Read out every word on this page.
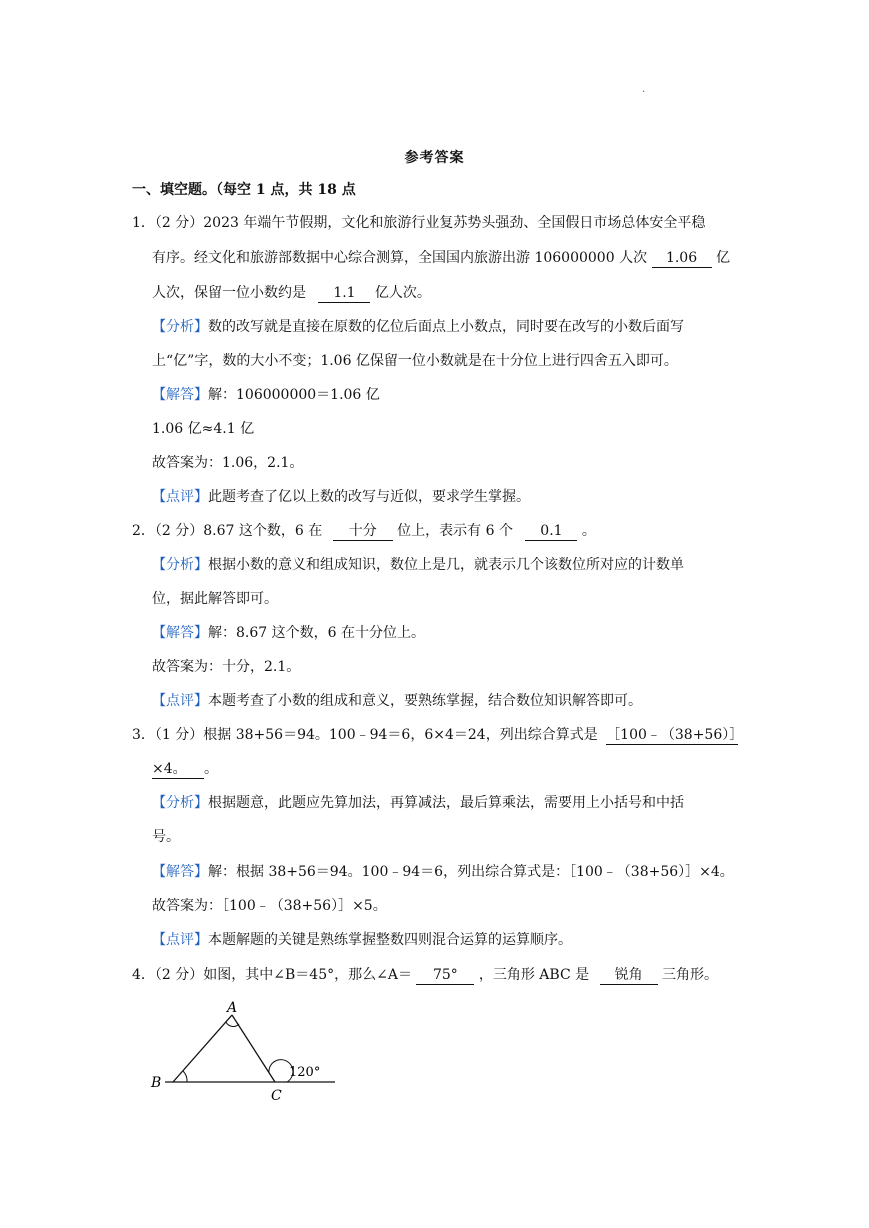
.
参考答案
一、填空题。（每空 1 点，共 18 点
1．（2 分）2023 年端午节假期，文化和旅游行业复苏势头强劲、全国假日市场总体安全平稳
有序。经文化和旅游部数据中心综合测算，全国国内旅游出游 106000000 人次 1.06 亿
人次，保留一位小数约是 1.1 亿人次。
【分析】数的改写就是直接在原数的亿位后面点上小数点，同时要在改写的小数后面写
上“亿”字，数的大小不变；1.06 亿保留一位小数就是在十分位上进行四舍五入即可。
【解答】解：106000000＝1.06 亿
1.06 亿≈4.1 亿
故答案为：1.06，2.1。
【点评】此题考查了亿以上数的改写与近似，要求学生掌握。
2．（2 分）8.67 这个数，6 在 十分 位上，表示有 6 个 0.1 。
【分析】根据小数的意义和组成知识，数位上是几，就表示几个该数位所对应的计数单
位，据此解答即可。
【解答】解：8.67 这个数，6 在十分位上。
故答案为：十分，2.1。
【点评】本题考查了小数的组成和意义，要熟练掌握，结合数位知识解答即可。
3．（1 分）根据 38+56＝94。100﹣94＝6，6×4＝24，列出综合算式是 ［100﹣（38+56）］
×4。 。
【分析】根据题意，此题应先算加法，再算减法，最后算乘法，需要用上小括号和中括
号。
【解答】解：根据 38+56＝94。100﹣94＝6，列出综合算式是：［100﹣（38+56）］×4。
故答案为：［100﹣（38+56）］×5。
【点评】本题解题的关键是熟练掌握整数四则混合运算的运算顺序。
4．（2 分）如图，其中∠B＝45°，那么∠A＝ 75° ，三角形 ABC 是 锐角 三角形。
A
B
C
120°
